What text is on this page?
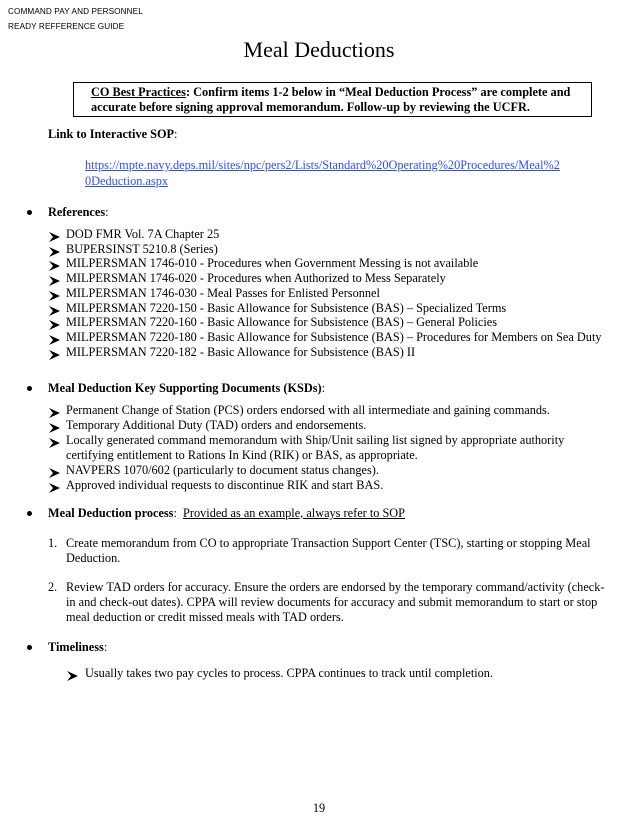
COMMAND PAY AND PERSONNEL
READY REFFERENCE GUIDE
Meal Deductions
CO Best Practices: Confirm items 1-2 below in “Meal Deduction Process” are complete and
accurate before signing approval memorandum. Follow-up by reviewing the UCFR.
Link to Interactive SOP:
https://mpte.navy.deps.mil/sites/npc/pers2/Lists/Standard%20Operating%20Procedures/Meal%20Deduction.aspx
References:
DOD FMR Vol. 7A Chapter 25
BUPERSINST 5210.8 (Series)
MILPERSMAN 1746-010 - Procedures when Government Messing is not available
MILPERSMAN 1746-020 - Procedures when Authorized to Mess Separately
MILPERSMAN 1746-030 - Meal Passes for Enlisted Personnel
MILPERSMAN 7220-150 - Basic Allowance for Subsistence (BAS) – Specialized Terms
MILPERSMAN 7220-160 - Basic Allowance for Subsistence (BAS) – General Policies
MILPERSMAN 7220-180 - Basic Allowance for Subsistence (BAS) – Procedures for Members on Sea Duty
MILPERSMAN 7220-182 - Basic Allowance for Subsistence (BAS) II
Meal Deduction Key Supporting Documents (KSDs):
Permanent Change of Station (PCS) orders endorsed with all intermediate and gaining commands.
Temporary Additional Duty (TAD) orders and endorsements.
Locally generated command memorandum with Ship/Unit sailing list signed by appropriate authority certifying entitlement to Rations In Kind (RIK) or BAS, as appropriate.
NAVPERS 1070/602 (particularly to document status changes).
Approved individual requests to discontinue RIK and start BAS.
Meal Deduction process:  Provided as an example, always refer to SOP
1. Create memorandum from CO to appropriate Transaction Support Center (TSC), starting or stopping Meal Deduction.
2. Review TAD orders for accuracy. Ensure the orders are endorsed by the temporary command/activity (check-in and check-out dates). CPPA will review documents for accuracy and submit memorandum to start or stop meal deduction or credit missed meals with TAD orders.
Timeliness:
Usually takes two pay cycles to process. CPPA continues to track until completion.
19
